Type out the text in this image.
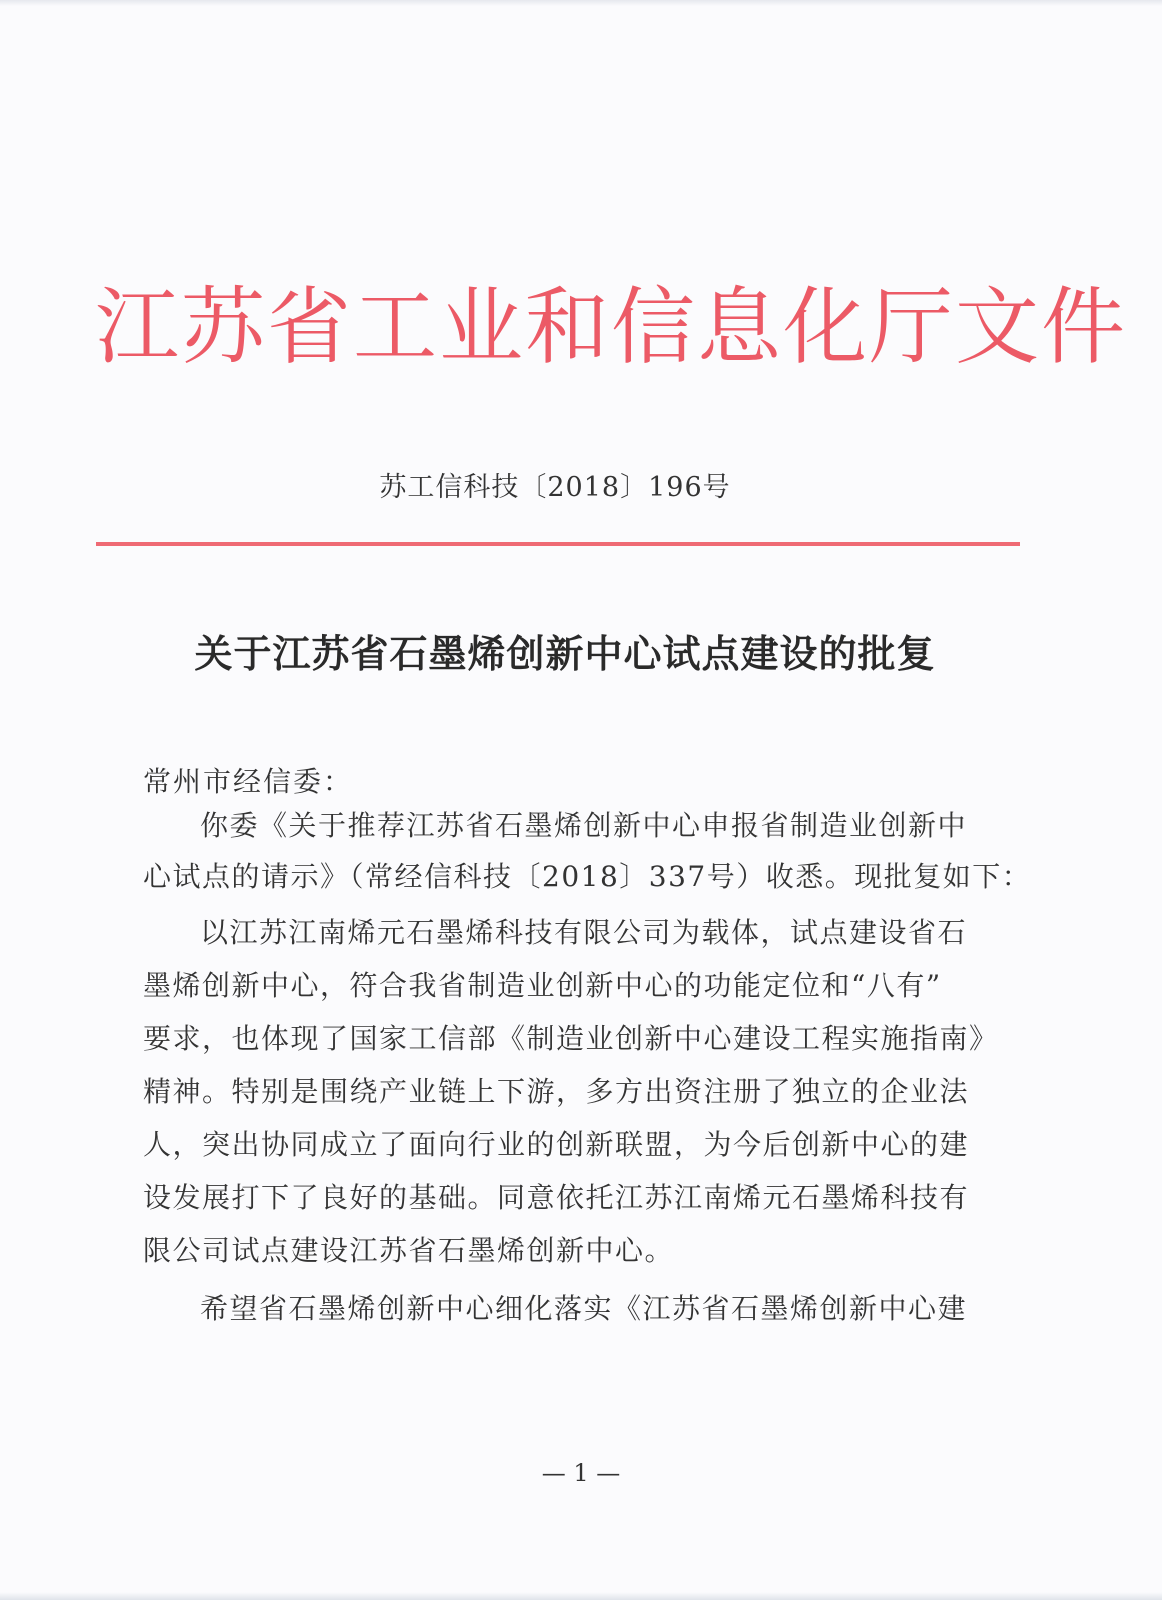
江苏省工业和信息化厅文件
苏工信科技〔2018〕196号
关于江苏省石墨烯创新中心试点建设的批复
常州市经信委：
你委《关于推荐江苏省石墨烯创新中心申报省制造业创新中
心试点的请示》（常经信科技〔2018〕337号）收悉。现批复如下：
以江苏江南烯元石墨烯科技有限公司为载体，试点建设省石
墨烯创新中心，符合我省制造业创新中心的功能定位和“八有”
要求，也体现了国家工信部《制造业创新中心建设工程实施指南》
精神。特别是围绕产业链上下游，多方出资注册了独立的企业法
人，突出协同成立了面向行业的创新联盟，为今后创新中心的建
设发展打下了良好的基础。同意依托江苏江南烯元石墨烯科技有
限公司试点建设江苏省石墨烯创新中心。
希望省石墨烯创新中心细化落实《江苏省石墨烯创新中心建
— 1 —
